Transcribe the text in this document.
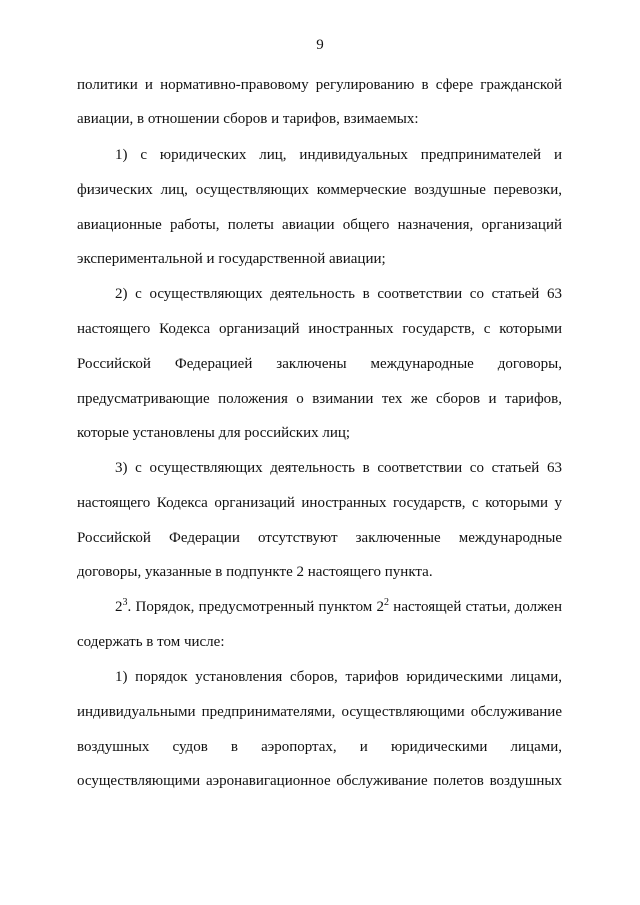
9
политики и нормативно-правовому регулированию в сфере гражданской
авиации, в отношении сборов и тарифов, взимаемых:
1) с юридических лиц, индивидуальных предпринимателей и
физических лиц, осуществляющих коммерческие воздушные перевозки,
авиационные работы, полеты авиации общего назначения, организаций
экспериментальной и государственной авиации;
2) с осуществляющих деятельность в соответствии со статьей 63
настоящего Кодекса организаций иностранных государств, с которыми
Российской Федерацией заключены международные договоры,
предусматривающие положения о взимании тех же сборов и тарифов,
которые установлены для российских лиц;
3) с осуществляющих деятельность в соответствии со статьей 63
настоящего Кодекса организаций иностранных государств, с которыми у
Российской Федерации отсутствуют заключенные международные
договоры, указанные в подпункте 2 настоящего пункта.
$2^3$. Порядок, предусмотренный пунктом $2^2$ настоящей статьи, должен
содержать в том числе:
1) порядок установления сборов, тарифов юридическими лицами,
индивидуальными предпринимателями, осуществляющими обслуживание
воздушных судов в аэропортах, и юридическими лицами,
осуществляющими аэронавигационное обслуживание полетов воздушных
